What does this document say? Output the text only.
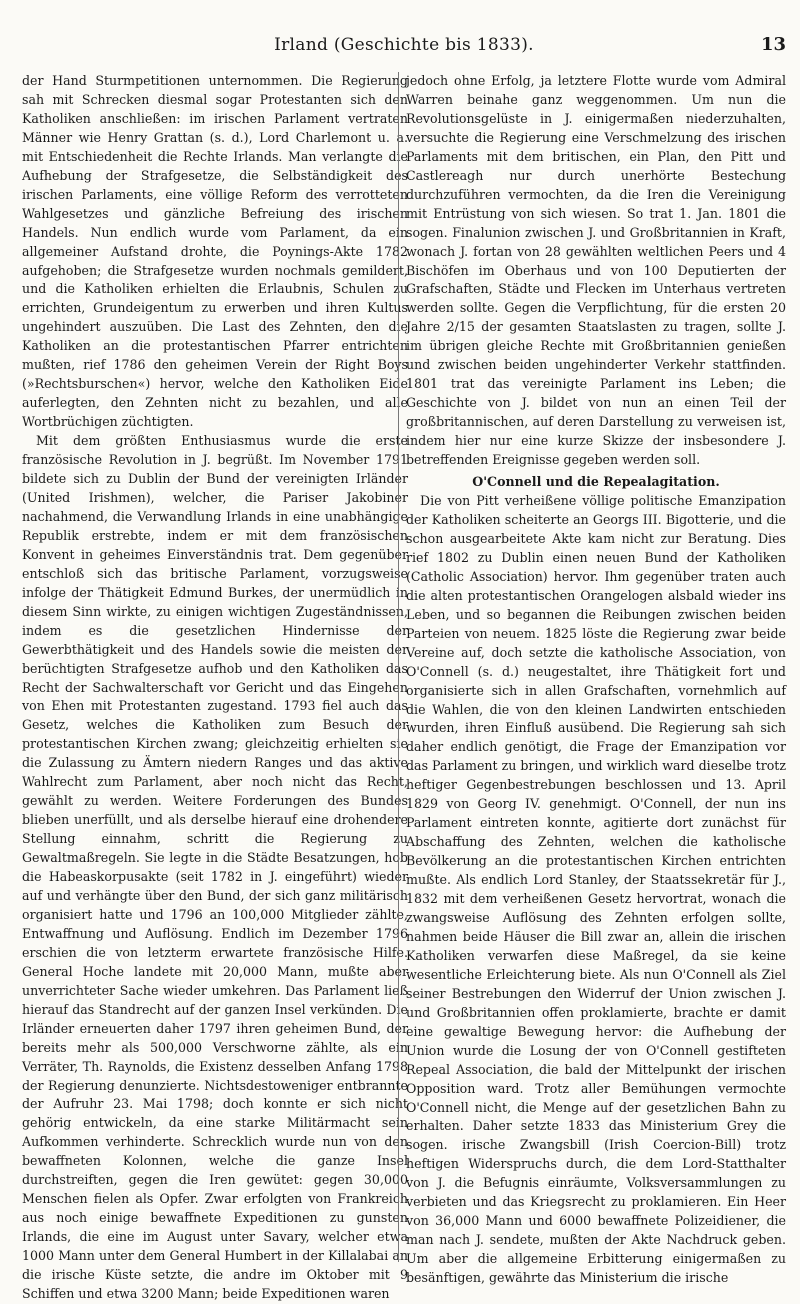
Irland (Geschichte bis 1833).	13

der Hand Sturmpetitionen unternommen. Die Regierung sah mit Schrecken diesmal sogar Protestanten sich den Katholiken anschließen: im irischen Parlament vertraten Männer wie Henry Grattan (s. d.), Lord Charlemont u. a. mit Entschiedenheit die Rechte Irlands. Man verlangte die Aufhebung der Strafgesetze, die Selbständigkeit des irischen Parlaments, eine völlige Reform des verrotteten Wahlgesetzes und gänzliche Befreiung des irischen Handels. Nun endlich wurde vom Parlament, da ein allgemeiner Aufstand drohte, die Poynings-Akte 1782 aufgehoben; die Strafgesetze wurden nochmals gemildert, und die Katholiken erhielten die Erlaubnis, Schulen zu errichten, Grundeigentum zu erwerben und ihren Kultus ungehindert auszuüben. Die Last des Zehnten, den die Katholiken an die protestantischen Pfarrer entrichten mußten, rief 1786 den geheimen Verein der Right Boys (»Rechtsburschen«) hervor, welche den Katholiken Eide auferlegten, den Zehnten nicht zu bezahlen, und alle Wortbrüchigen züchtigten.

Mit dem größten Enthusiasmus wurde die erste französische Revolution in J. begrüßt. Im November 1791 bildete sich zu Dublin der Bund der vereinigten Irländer (United Irishmen), welcher, die Pariser Jakobiner nachahmend, die Verwandlung Irlands in eine unabhängige Republik erstrebte, indem er mit dem französischen Konvent in geheimes Einverständnis trat. Dem gegenüber entschloß sich das britische Parlament, vorzugsweise infolge der Thätigkeit Edmund Burkes, der unermüdlich in diesem Sinn wirkte, zu einigen wichtigen Zugeständnissen, indem es die gesetzlichen Hindernisse der Gewerbthätigkeit und des Handels sowie die meisten der berüchtigten Strafgesetze aufhob und den Katholiken das Recht der Sachwalterschaft vor Gericht und das Eingehen von Ehen mit Protestanten zugestand. 1793 fiel auch das Gesetz, welches die Katholiken zum Besuch der protestantischen Kirchen zwang; gleichzeitig erhielten sie die Zulassung zu Ämtern niedern Ranges und das aktive Wahlrecht zum Parlament, aber noch nicht das Recht, gewählt zu werden. Weitere Forderungen des Bundes blieben unerfüllt, und als derselbe hierauf eine drohendere Stellung einnahm, schritt die Regierung zu Gewaltmaßregeln. Sie legte in die Städte Besatzungen, hob die Habeaskorpusakte (seit 1782 in J. eingeführt) wieder auf und verhängte über den Bund, der sich ganz militärisch organisiert hatte und 1796 an 100,000 Mitglieder zählte, Entwaffnung und Auflösung. Endlich im Dezember 1796 erschien die von letzterm erwartete französische Hilfe. General Hoche landete mit 20,000 Mann, mußte aber unverrichteter Sache wieder umkehren. Das Parlament ließ hierauf das Standrecht auf der ganzen Insel verkünden. Die Irländer erneuerten daher 1797 ihren geheimen Bund, der bereits mehr als 500,000 Verschworne zählte, als ein Verräter, Th. Raynolds, die Existenz desselben Anfang 1798 der Regierung denunzierte. Nichtsdestoweniger entbrannte der Aufruhr 23. Mai 1798; doch konnte er sich nicht gehörig entwickeln, da eine starke Militärmacht sein Aufkommen verhinderte. Schrecklich wurde nun von den bewaffneten Kolonnen, welche die ganze Insel durchstreiften, gegen die Iren gewütet: gegen 30,000 Menschen fielen als Opfer. Zwar erfolgten von Frankreich aus noch einige bewaffnete Expeditionen zu gunsten Irlands, die eine im August unter Savary, welcher etwa 1000 Mann unter dem General Humbert in der Killalabai an die irische Küste setzte, die andre im Oktober mit 9 Schiffen und etwa 3200 Mann; beide Expeditionen waren

jedoch ohne Erfolg, ja letztere Flotte wurde vom Admiral Warren beinahe ganz weggenommen. Um nun die Revolutionsgelüste in J. einigermaßen niederzuhalten, versuchte die Regierung eine Verschmelzung des irischen Parlaments mit dem britischen, ein Plan, den Pitt und Castlereagh nur durch unerhörte Bestechung durchzuführen vermochten, da die Iren die Vereinigung mit Entrüstung von sich wiesen. So trat 1. Jan. 1801 die sogen. Finalunion zwischen J. und Großbritannien in Kraft, wonach J. fortan von 28 gewählten weltlichen Peers und 4 Bischöfen im Oberhaus und von 100 Deputierten der Grafschaften, Städte und Flecken im Unterhaus vertreten werden sollte. Gegen die Verpflichtung, für die ersten 20 Jahre 2/15 der gesamten Staatslasten zu tragen, sollte J. im übrigen gleiche Rechte mit Großbritannien genießen und zwischen beiden ungehinderter Verkehr stattfinden. 1801 trat das vereinigte Parlament ins Leben; die Geschichte von J. bildet von nun an einen Teil der großbritannischen, auf deren Darstellung zu verweisen ist, indem hier nur eine kurze Skizze der insbesondere J. betreffenden Ereignisse gegeben werden soll.

O'Connell und die Repealagitation.

Die von Pitt verheißene völlige politische Emanzipation der Katholiken scheiterte an Georgs III. Bigotterie, und die schon ausgearbeitete Akte kam nicht zur Beratung. Dies rief 1802 zu Dublin einen neuen Bund der Katholiken (Catholic Association) hervor. Ihm gegenüber traten auch die alten protestantischen Orangelogen alsbald wieder ins Leben, und so begannen die Reibungen zwischen beiden Parteien von neuem. 1825 löste die Regierung zwar beide Vereine auf, doch setzte die katholische Association, von O'Connell (s. d.) neugestaltet, ihre Thätigkeit fort und organisierte sich in allen Grafschaften, vornehmlich auf die Wahlen, die von den kleinen Landwirten entschieden wurden, ihren Einfluß ausübend. Die Regierung sah sich daher endlich genötigt, die Frage der Emanzipation vor das Parlament zu bringen, und wirklich ward dieselbe trotz heftiger Gegenbestrebungen beschlossen und 13. April 1829 von Georg IV. genehmigt. O'Connell, der nun ins Parlament eintreten konnte, agitierte dort zunächst für Abschaffung des Zehnten, welchen die katholische Bevölkerung an die protestantischen Kirchen entrichten mußte. Als endlich Lord Stanley, der Staatssekretär für J., 1832 mit dem verheißenen Gesetz hervortrat, wonach die zwangsweise Auflösung des Zehnten erfolgen sollte, nahmen beide Häuser die Bill zwar an, allein die irischen Katholiken verwarfen diese Maßregel, da sie keine wesentliche Erleichterung biete. Als nun O'Connell als Ziel seiner Bestrebungen den Widerruf der Union zwischen J. und Großbritannien offen proklamierte, brachte er damit eine gewaltige Bewegung hervor: die Aufhebung der Union wurde die Losung der von O'Connell gestifteten Repeal Association, die bald der Mittelpunkt der irischen Opposition ward. Trotz aller Bemühungen vermochte O'Connell nicht, die Menge auf der gesetzlichen Bahn zu erhalten. Daher setzte 1833 das Ministerium Grey die sogen. irische Zwangsbill (Irish Coercion-Bill) trotz heftigen Widerspruchs durch, die dem Lord-Statthalter von J. die Befugnis einräumte, Volksversammlungen zu verbieten und das Kriegsrecht zu proklamieren. Ein Heer von 36,000 Mann und 6000 bewaffnete Polizeidiener, die man nach J. sendete, mußten der Akte Nachdruck geben. Um aber die allgemeine Erbitterung einigermaßen zu besänftigen, gewährte das Ministerium die irische
